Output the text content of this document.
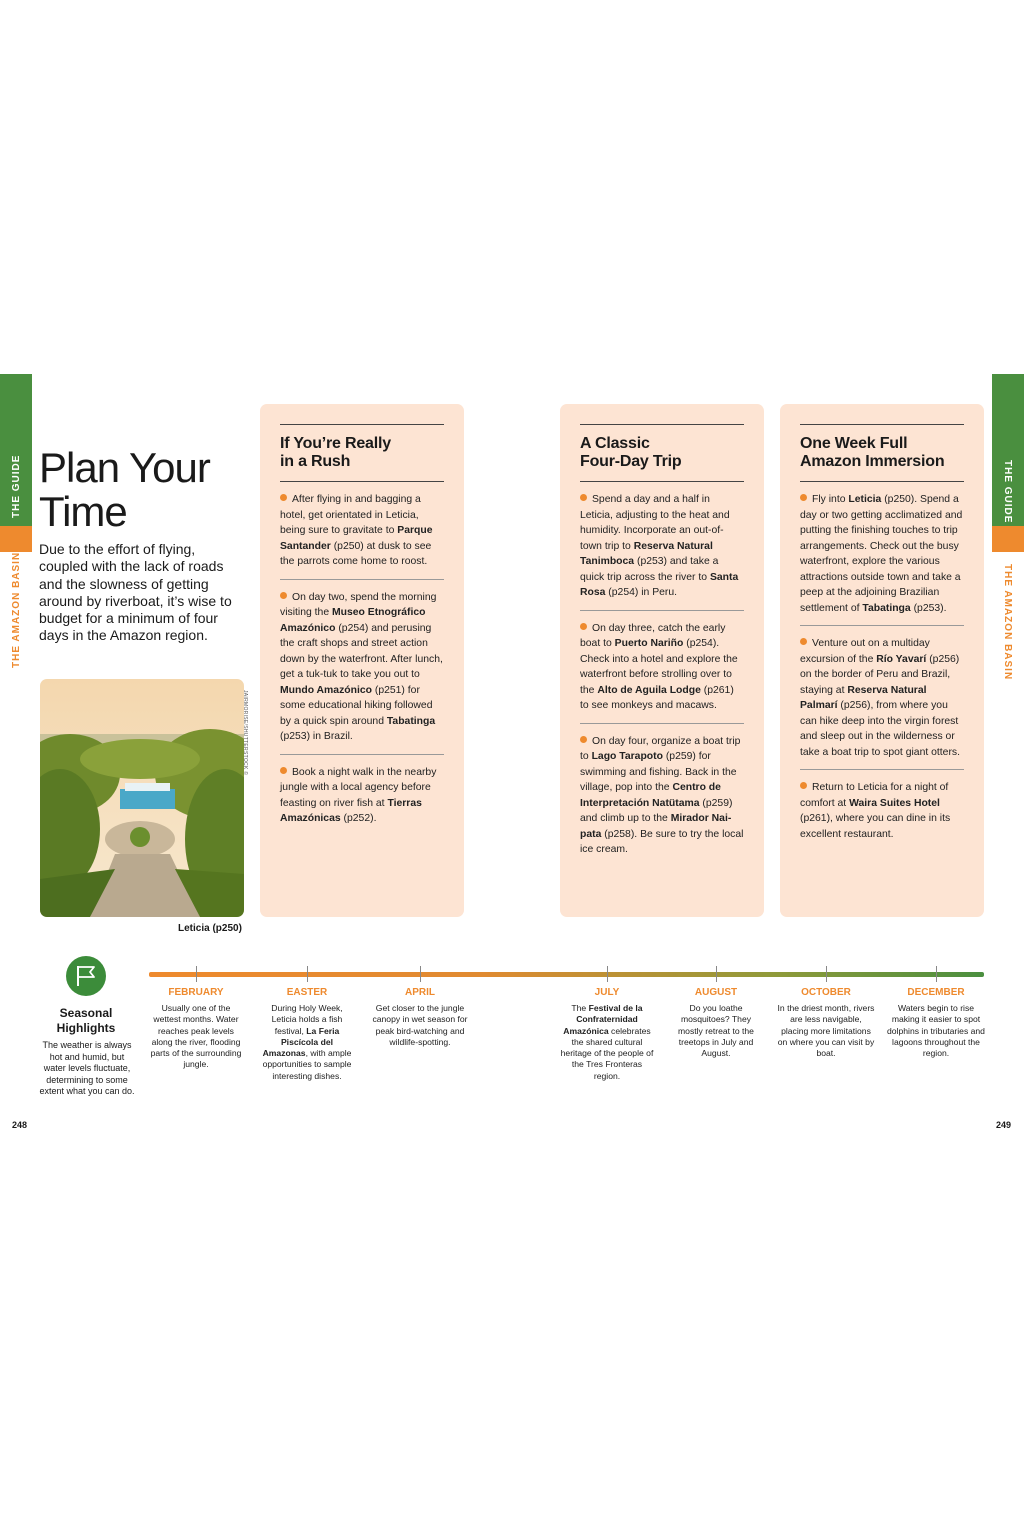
THE GUIDE
THE AMAZON BASIN
THE GUIDE
THE AMAZON BASIN
Plan Your Time

Due to the effort of flying, coupled with the lack of roads and the slowness of getting around by riverboat, it’s wise to budget for a minimum of four days in the Amazon region.

JAIRMORISE/SHUTTERSTOCK ©
Leticia (p250)
If You’re Really
in a Rush

After flying in and bagging a hotel, get orientated in Leticia, being sure to gravitate to Parque Santander (p250) at dusk to see the parrots come home to roost.

On day two, spend the morning visiting the Museo Etnográfico Amazónico (p254) and perusing the craft shops and street action down by the waterfront. After lunch, get a tuk-tuk to take you out to Mundo Amazónico (p251) for some educational hiking followed by a quick spin around Tabatinga (p253) in Brazil.

Book a night walk in the nearby jungle with a local agency before feasting on river fish at Tierras Amazónicas (p252).

A Classic
Four-Day Trip

Spend a day and a half in Leticia, adjusting to the heat and humidity. Incorporate an out-of-town trip to Reserva Natural Tanimboca (p253) and take a quick trip across the river to Santa Rosa (p254) in Peru.

On day three, catch the early boat to Puerto Nariño (p254). Check into a hotel and explore the waterfront before strolling over to the Alto de Aguila Lodge (p261) to see monkeys and macaws.

On day four, organize a boat trip to Lago Tarapoto (p259) for swimming and fishing. Back in the village, pop into the Centro de Interpretación Natütama (p259) and climb up to the Mirador Nai-pata (p258). Be sure to try the local ice cream.

One Week Full
Amazon Immersion

Fly into Leticia (p250). Spend a day or two getting acclimatized and putting the finishing touches to trip arrangements. Check out the busy waterfront, explore the various attractions outside town and take a peep at the adjoining Brazilian settlement of Tabatinga (p253).

Venture out on a multiday excursion of the Río Yavarí (p256) on the border of Peru and Brazil, staying at Reserva Natural Palmarí (p256), from where you can hike deep into the virgin forest and sleep out in the wilderness or take a boat trip to spot giant otters.

Return to Leticia for a night of comfort at Waira Suites Hotel (p261), where you can dine in its excellent restaurant.

Seasonal Highlights
The weather is always hot and humid, but water levels fluctuate, determining to some extent what you can do.
FEBRUARY
Usually one of the wettest months. Water reaches peak levels along the river, flooding parts of the surrounding jungle.
EASTER
During Holy Week, Leticia holds a fish festival, La Feria Piscícola del Amazonas, with ample opportunities to sample interesting dishes.
APRIL
Get closer to the jungle canopy in wet season for peak bird-watching and wildlife-spotting.
JULY
The Festival de la Confraternidad Amazónica celebrates the shared cultural heritage of the people of the Tres Fronteras region.
AUGUST
Do you loathe mosquitoes? They mostly retreat to the treetops in July and August.
OCTOBER
In the driest month, rivers are less navigable, placing more limitations on where you can visit by boat.
DECEMBER
Waters begin to rise making it easier to spot dolphins in tributaries and lagoons throughout the region.
248	249
